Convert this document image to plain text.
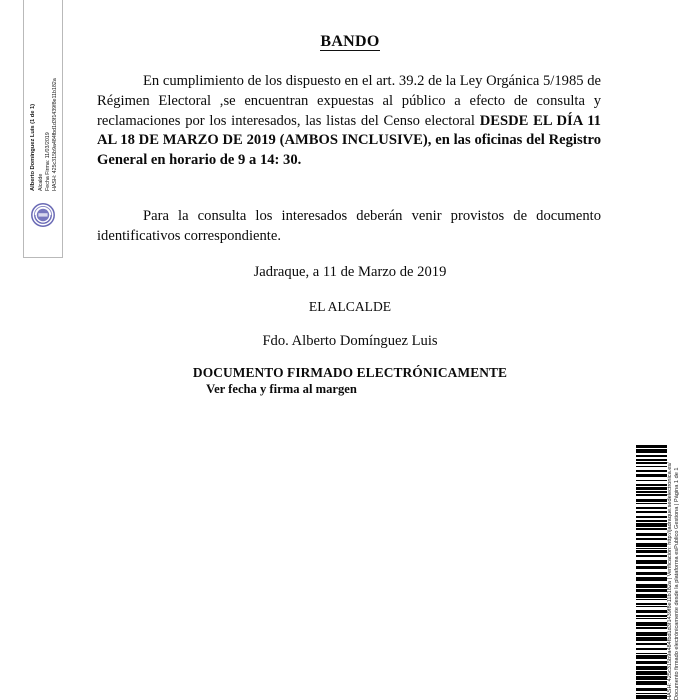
Alberto Domínguez Luis (1 de 1) Alcalde Fecha Firma: 11/03/2019 HASH: 425c315b9a484fbd1d3f1439f8e11b182a
BANDO
En cumplimiento de los dispuesto en el art. 39.2 de la Ley Orgánica 5/1985 de Régimen Electoral ,se encuentran expuestas al público a efecto de consulta y reclamaciones por los interesados, las listas del Censo electoral DESDE EL DÍA 11 AL 18 DE MARZO DE 2019 (AMBOS INCLUSIVE), en las oficinas del Registro General en horario de 9 a 14: 30.
Para la consulta los interesados deberán venir provistos de documento identificativos correspondiente.
Jadraque, a 11 de Marzo de 2019
EL ALCALDE
Fdo. Alberto Domínguez Luis
DOCUMENTO FIRMADO ELECTRÓNICAMENTE
Ver fecha y firma al margen
HASH: 425c315b9a484fbd1d3f1439f8e11b182a | Verificación: http://jadraque.sedelectronica.es/ Documento firmado electrónicamente desde la plataforma esPublico Gestiona | Página 1 de 1
